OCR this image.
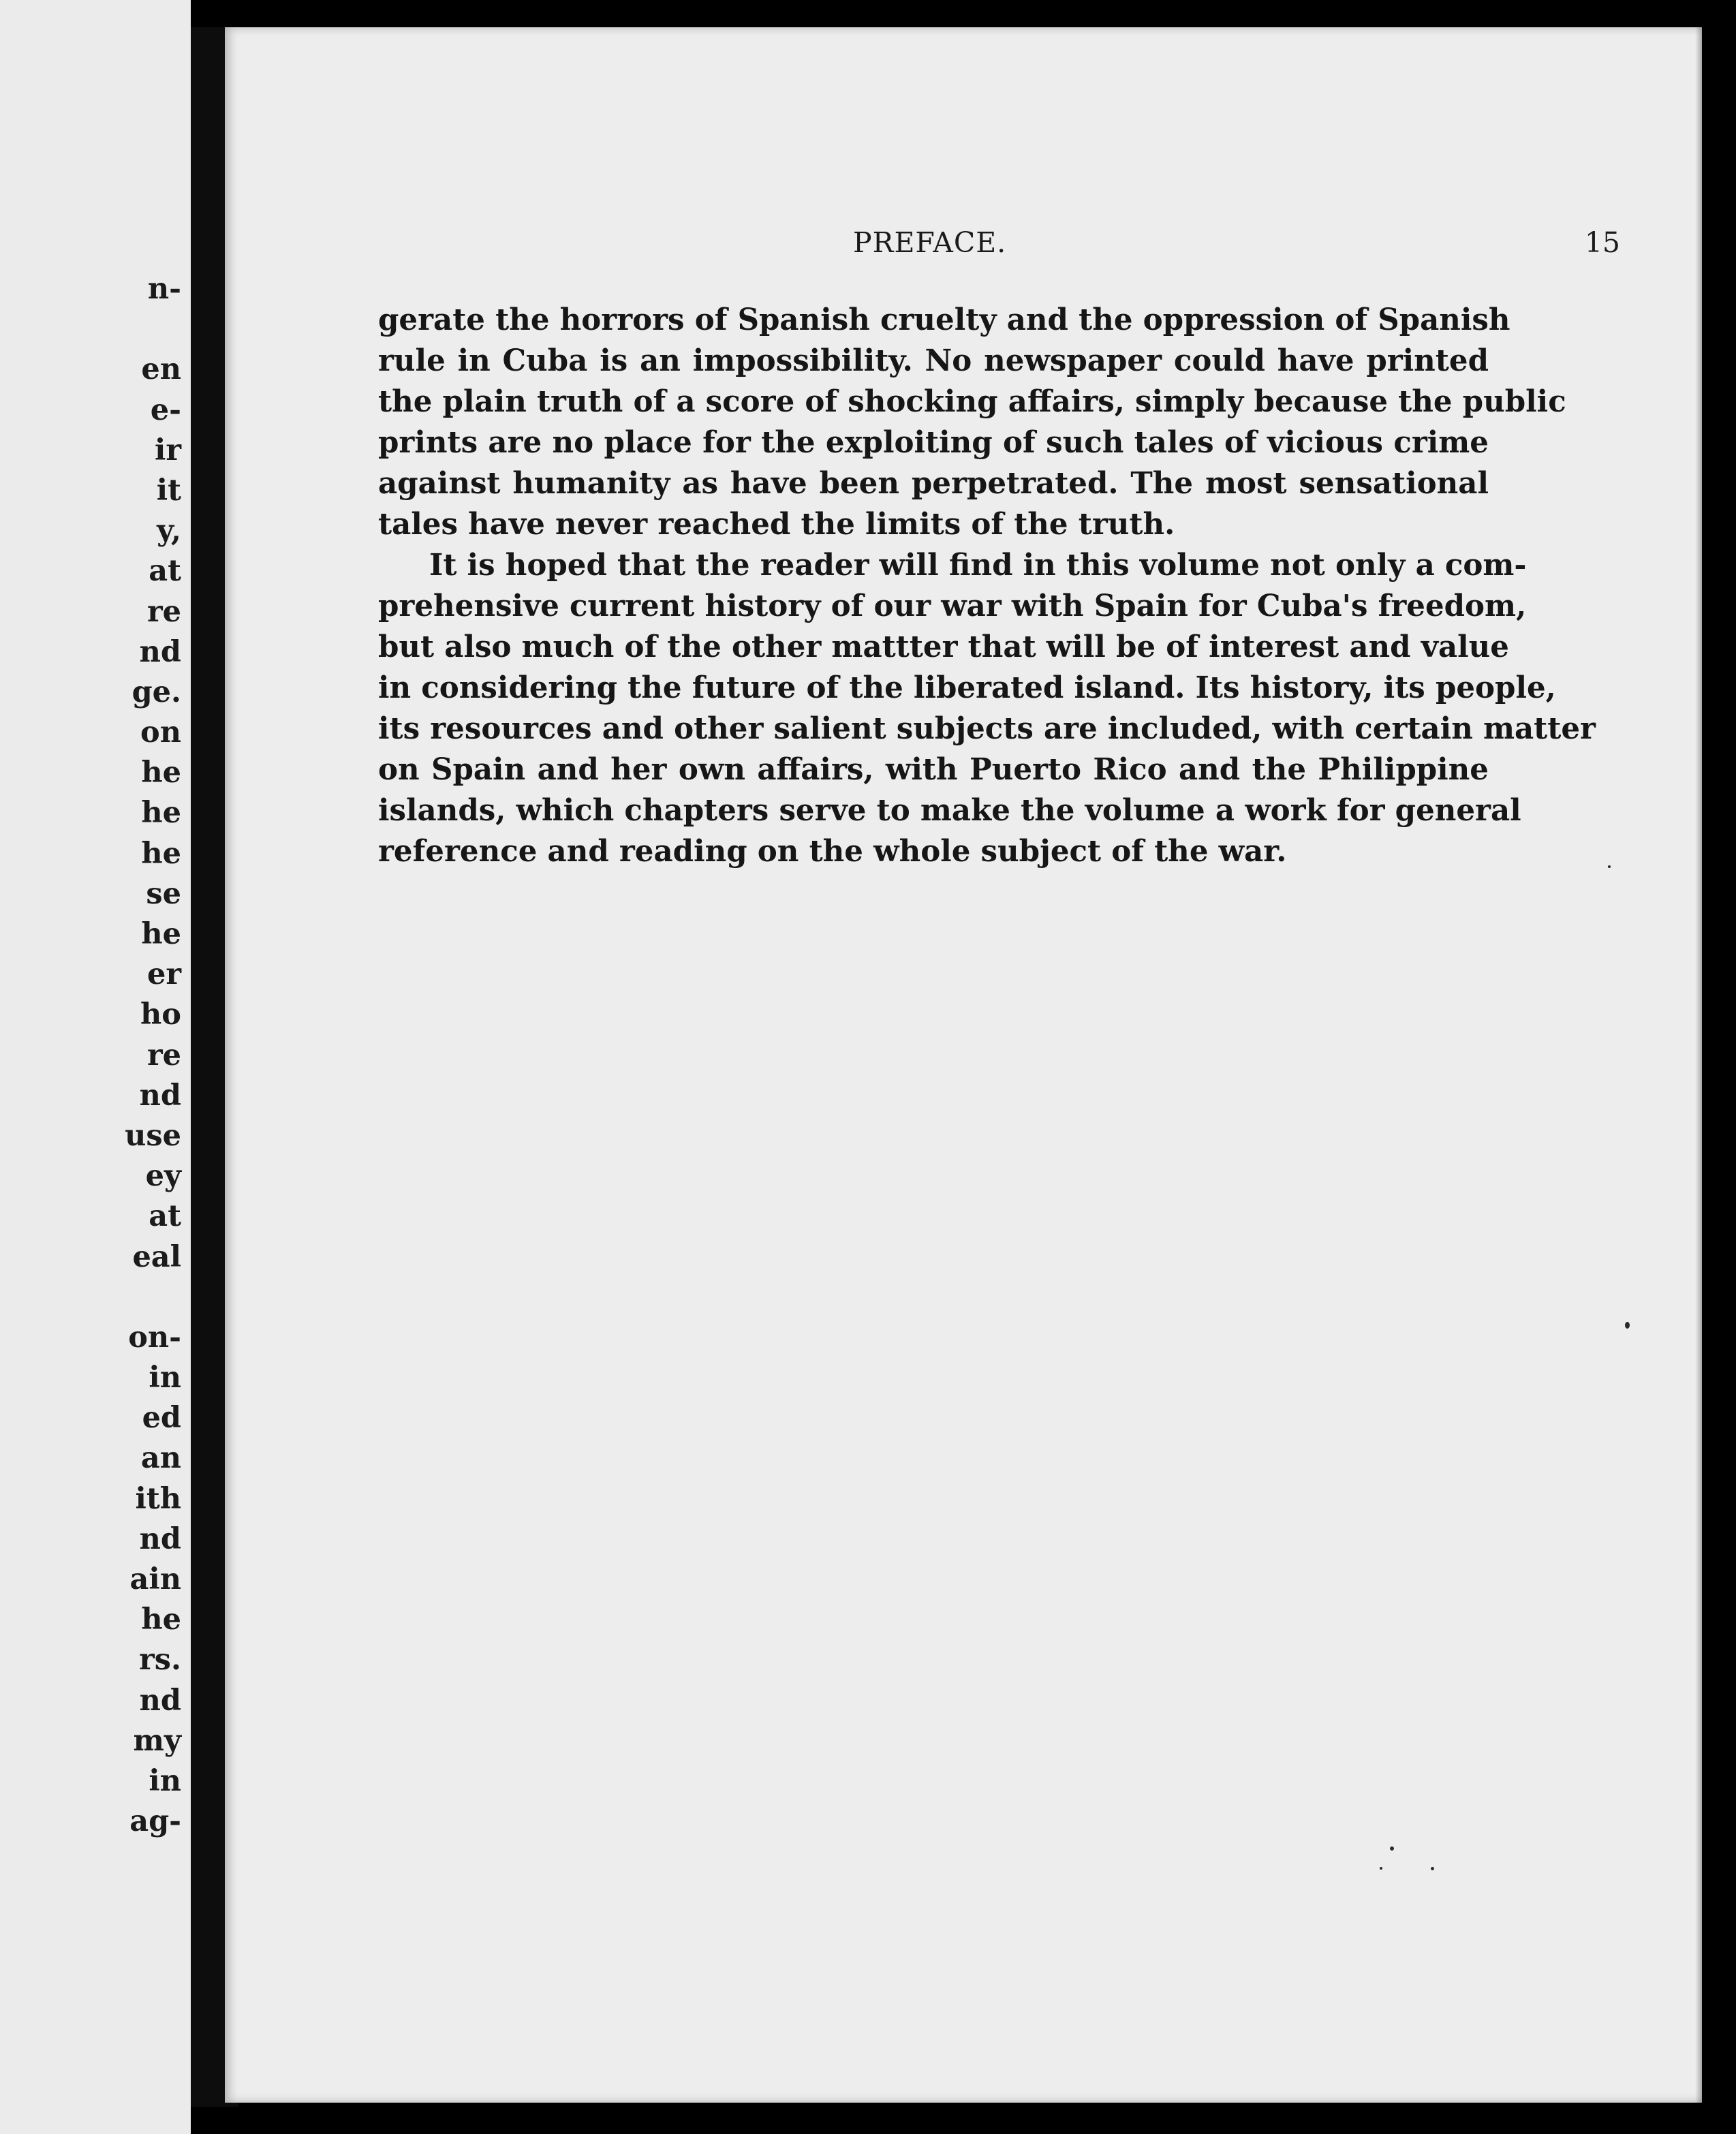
n-
en
e-
ir
it
y,
at
re
nd
ge.
on
he
he
he
se
he
er
ho
re
nd
use
ey
at
eal
on-
in
ed
an
ith
nd
ain
he
rs.
nd
my
in
ag-
PREFACE.	15

gerate the horrors of Spanish cruelty and the oppression of Spanish
rule in Cuba is an impossibility. No newspaper could have printed
the plain truth of a score of shocking affairs, simply because the public
prints are no place for the exploiting of such tales of vicious crime
against humanity as have been perpetrated. The most sensational
tales have never reached the limits of the truth.

It is hoped that the reader will find in this volume not only a com-
prehensive current history of our war with Spain for Cuba's freedom,
but also much of the other mattter that will be of interest and value
in considering the future of the liberated island. Its history, its people,
its resources and other salient subjects are included, with certain matter
on Spain and her own affairs, with Puerto Rico and the Philippine
islands, which chapters serve to make the volume a work for general
reference and reading on the whole subject of the war.
